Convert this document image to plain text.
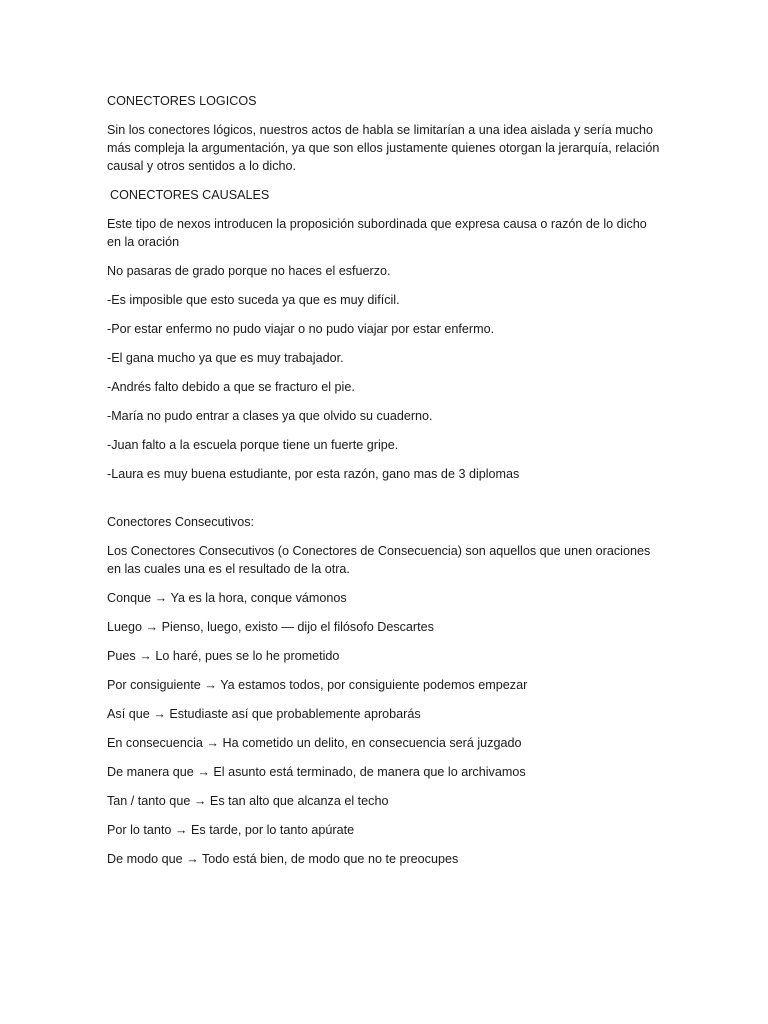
CONECTORES LOGICOS

Sin los conectores lógicos, nuestros actos de habla se limitarían a una idea aislada y sería mucho más compleja la argumentación, ya que son ellos justamente quienes otorgan la jerarquía, relación causal y otros sentidos a lo dicho.

CONECTORES CAUSALES

Este tipo de nexos introducen la proposición subordinada que expresa causa o razón de lo dicho en la oración

No pasaras de grado porque no haces el esfuerzo.

-Es imposible que esto suceda ya que es muy difícil.

-Por estar enfermo no pudo viajar o no pudo viajar por estar enfermo.

-El gana mucho ya que es muy trabajador.

-Andrés falto debido a que se fracturo el pie.

-María no pudo entrar a clases ya que olvido su cuaderno.

-Juan falto a la escuela porque tiene un fuerte gripe.

-Laura es muy buena estudiante, por esta razón, gano mas de 3 diplomas

Conectores Consecutivos:

Los Conectores Consecutivos (o Conectores de Consecuencia) son aquellos que unen oraciones en las cuales una es el resultado de la otra.

Conque → Ya es la hora, conque vámonos

Luego → Pienso, luego, existo — dijo el filósofo Descartes

Pues → Lo haré, pues se lo he prometido

Por consiguiente → Ya estamos todos, por consiguiente podemos empezar

Así que → Estudiaste así que probablemente aprobarás

En consecuencia → Ha cometido un delito, en consecuencia será juzgado

De manera que → El asunto está terminado, de manera que lo archivamos

Tan / tanto que → Es tan alto que alcanza el techo

Por lo tanto → Es tarde, por lo tanto apúrate

De modo que → Todo está bien, de modo que no te preocupes
